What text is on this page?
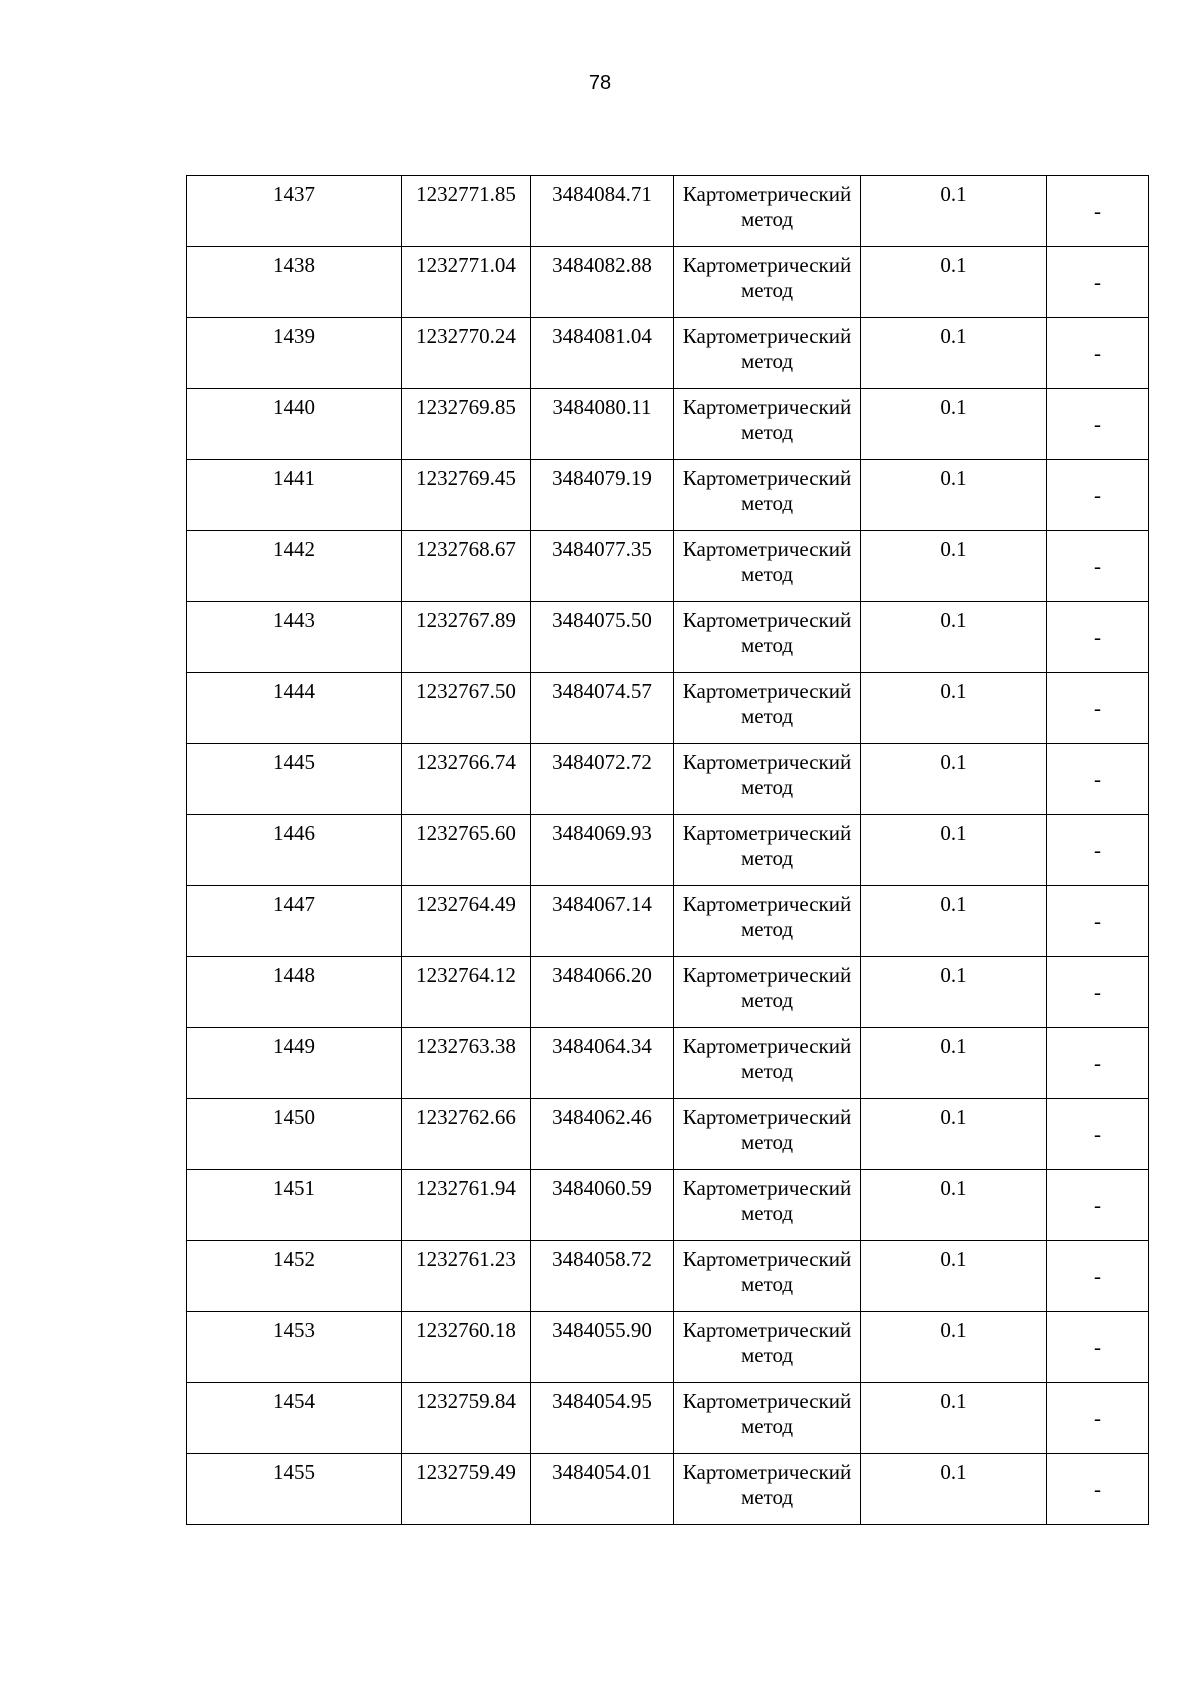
78
1437	1232771.85	3484084.71	Картометрический метод	0.1	-
1438	1232771.04	3484082.88	Картометрический метод	0.1	-
1439	1232770.24	3484081.04	Картометрический метод	0.1	-
1440	1232769.85	3484080.11	Картометрический метод	0.1	-
1441	1232769.45	3484079.19	Картометрический метод	0.1	-
1442	1232768.67	3484077.35	Картометрический метод	0.1	-
1443	1232767.89	3484075.50	Картометрический метод	0.1	-
1444	1232767.50	3484074.57	Картометрический метод	0.1	-
1445	1232766.74	3484072.72	Картометрический метод	0.1	-
1446	1232765.60	3484069.93	Картометрический метод	0.1	-
1447	1232764.49	3484067.14	Картометрический метод	0.1	-
1448	1232764.12	3484066.20	Картометрический метод	0.1	-
1449	1232763.38	3484064.34	Картометрический метод	0.1	-
1450	1232762.66	3484062.46	Картометрический метод	0.1	-
1451	1232761.94	3484060.59	Картометрический метод	0.1	-
1452	1232761.23	3484058.72	Картометрический метод	0.1	-
1453	1232760.18	3484055.90	Картометрический метод	0.1	-
1454	1232759.84	3484054.95	Картометрический метод	0.1	-
1455	1232759.49	3484054.01	Картометрический метод	0.1	-
